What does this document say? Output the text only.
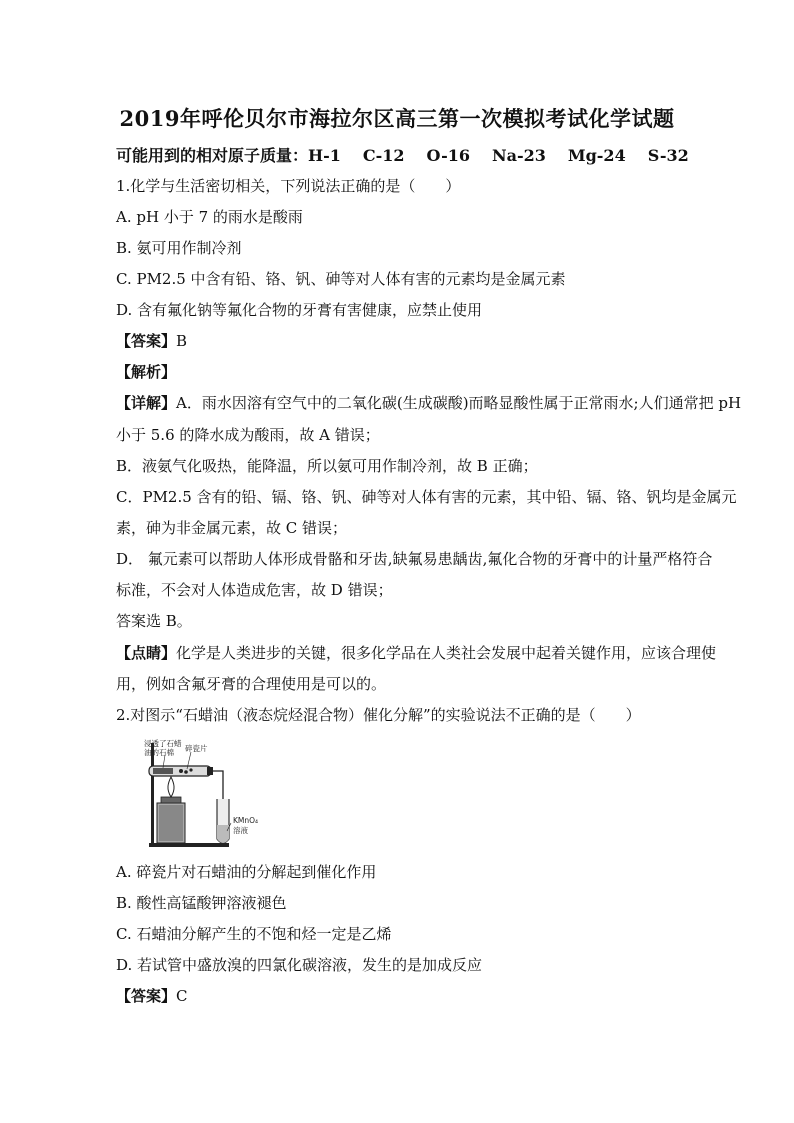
2019年呼伦贝尔市海拉尔区高三第一次模拟考试化学试题
可能用到的相对原子质量：H-1 C-12 O-16 Na-23 Mg-24 S-32
1.化学与生活密切相关，下列说法正确的是（　　）
A. pH 小于 7 的雨水是酸雨
B. 氨可用作制冷剂
C. PM2.5 中含有铅、铬、钒、砷等对人体有害的元素均是金属元素
D. 含有氟化钠等氟化合物的牙膏有害健康，应禁止使用
【答案】B
【解析】
【详解】A．雨水因溶有空气中的二氧化碳(生成碳酸)而略显酸性属于正常雨水;人们通常把 pH
小于 5.6 的降水成为酸雨，故 A 错误；
B．液氨气化吸热，能降温，所以氨可用作制冷剂，故 B 正确；
C．PM2.5 含有的铅、镉、铬、钒、砷等对人体有害的元素，其中铅、镉、铬、钒均是金属元
素，砷为非金属元素，故 C 错误；
D． 氟元素可以帮助人体形成骨骼和牙齿,缺氟易患龋齿,氟化合物的牙膏中的计量严格符合
标准，不会对人体造成危害，故 D 错误；
答案选 B。
【点睛】化学是人类进步的关键，很多化学品在人类社会发展中起着关键作用，应该合理使
用，例如含氟牙膏的合理使用是可以的。
2.对图示“石蜡油（液态烷烃混合物）催化分解”的实验说法不正确的是（　　）
浸透了石蜡
油的石棉 碎瓷片
KMnO₄
溶液
A. 碎瓷片对石蜡油的分解起到催化作用
B. 酸性高锰酸钾溶液褪色
C. 石蜡油分解产生的不饱和烃一定是乙烯
D. 若试管中盛放溴的四氯化碳溶液，发生的是加成反应
【答案】C
